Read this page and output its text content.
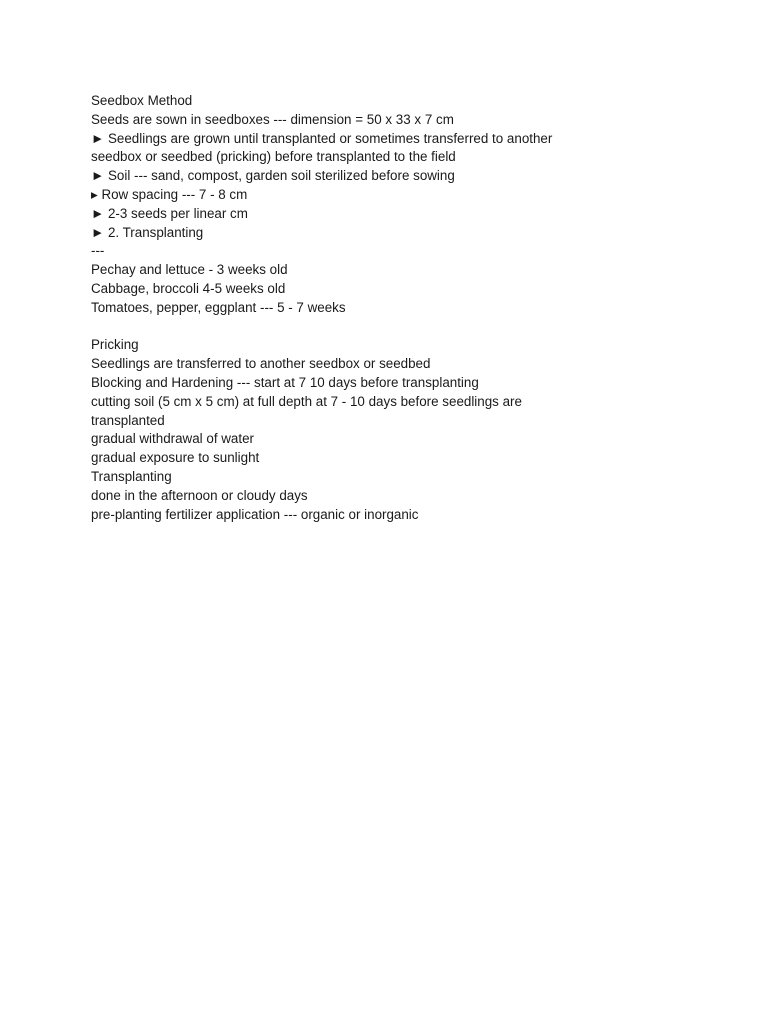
Seedbox Method
Seeds are sown in seedboxes --- dimension = 50 x 33 x 7 cm
► Seedlings are grown until transplanted or sometimes transferred to another
seedbox or seedbed (pricking) before transplanted to the field
► Soil --- sand, compost, garden soil sterilized before sowing
▸ Row spacing --- 7 - 8 cm
► 2-3 seeds per linear cm
► 2. Transplanting
---
Pechay and lettuce - 3 weeks old
Cabbage, broccoli 4-5 weeks old
Tomatoes, pepper, eggplant --- 5 - 7 weeks
Pricking
Seedlings are transferred to another seedbox or seedbed
Blocking and Hardening --- start at 7 10 days before transplanting
cutting soil (5 cm x 5 cm) at full depth at 7 - 10 days before seedlings are
transplanted
gradual withdrawal of water
gradual exposure to sunlight
Transplanting
done in the afternoon or cloudy days
pre-planting fertilizer application --- organic or inorganic
